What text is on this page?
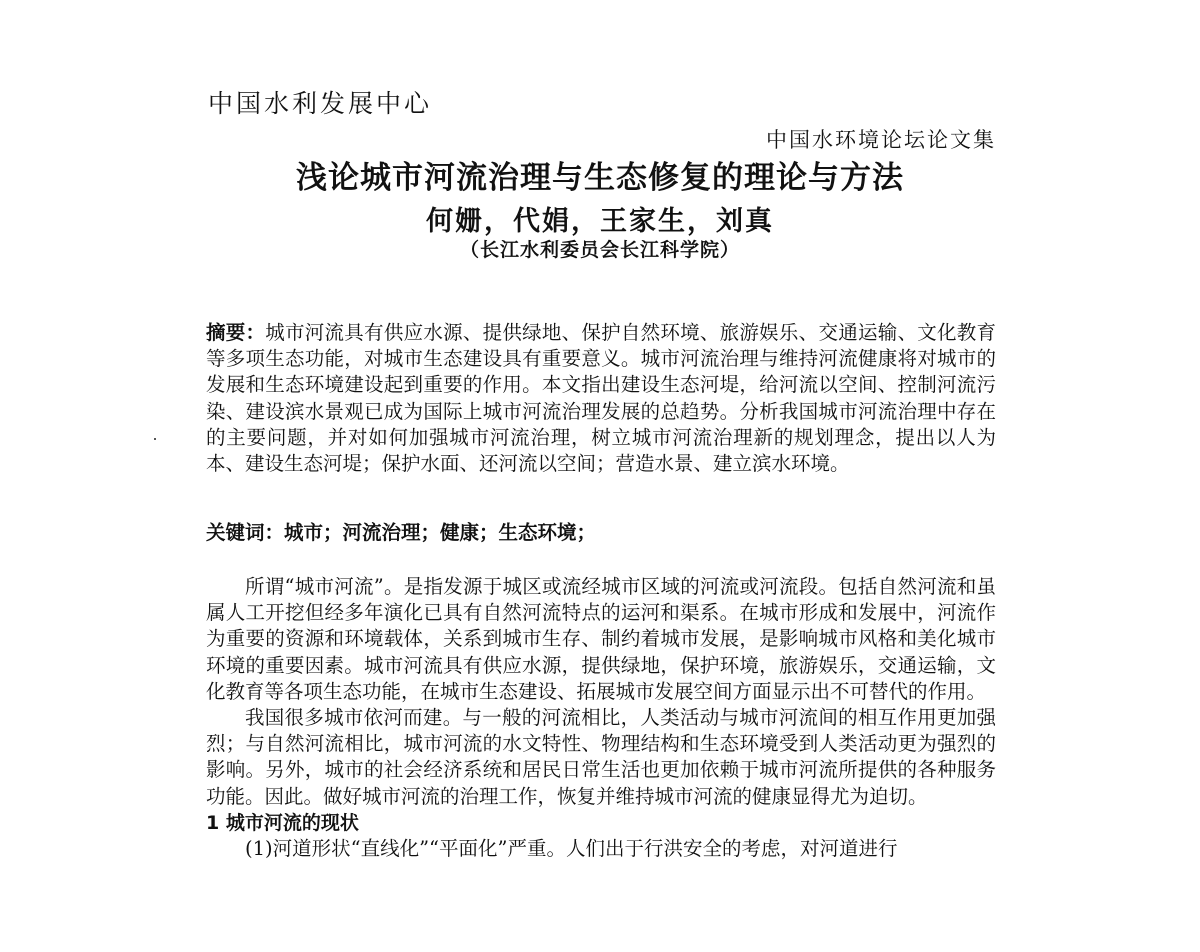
中国水利发展中心
中国水环境论坛论文集
浅论城市河流治理与生态修复的理论与方法
何姗，代娟，王家生，刘真
（长江水利委员会长江科学院）
摘要：城市河流具有供应水源、提供绿地、保护自然环境、旅游娱乐、交通运输、文化教育等多项生态功能，对城市生态建设具有重要意义。城市河流治理与维持河流健康将对城市的发展和生态环境建设起到重要的作用。本文指出建设生态河堤，给河流以空间、控制河流污染、建设滨水景观已成为国际上城市河流治理发展的总趋势。分析我国城市河流治理中存在的主要问题，并对如何加强城市河流治理，树立城市河流治理新的规划理念，提出以人为本、建设生态河堤；保护水面、还河流以空间；营造水景、建立滨水环境。
关键词：城市；河流治理；健康；生态环境；

所谓“城市河流”。是指发源于城区或流经城市区域的河流或河流段。包括自然河流和虽属人工开挖但经多年演化已具有自然河流特点的运河和渠系。在城市形成和发展中，河流作为重要的资源和环境载体，关系到城市生存、制约着城市发展，是影响城市风格和美化城市环境的重要因素。城市河流具有供应水源，提供绿地，保护环境，旅游娱乐，交通运输，文化教育等各项生态功能，在城市生态建设、拓展城市发展空间方面显示出不可替代的作用。

我国很多城市依河而建。与一般的河流相比，人类活动与城市河流间的相互作用更加强烈；与自然河流相比，城市河流的水文特性、物理结构和生态环境受到人类活动更为强烈的影响。另外，城市的社会经济系统和居民日常生活也更加依赖于城市河流所提供的各种服务功能。因此。做好城市河流的治理工作，恢复并维持城市河流的健康显得尤为迫切。

1 城市河流的现状

(1)河道形状“直线化”“平面化”严重。人们出于行洪安全的考虑，对河道进行
